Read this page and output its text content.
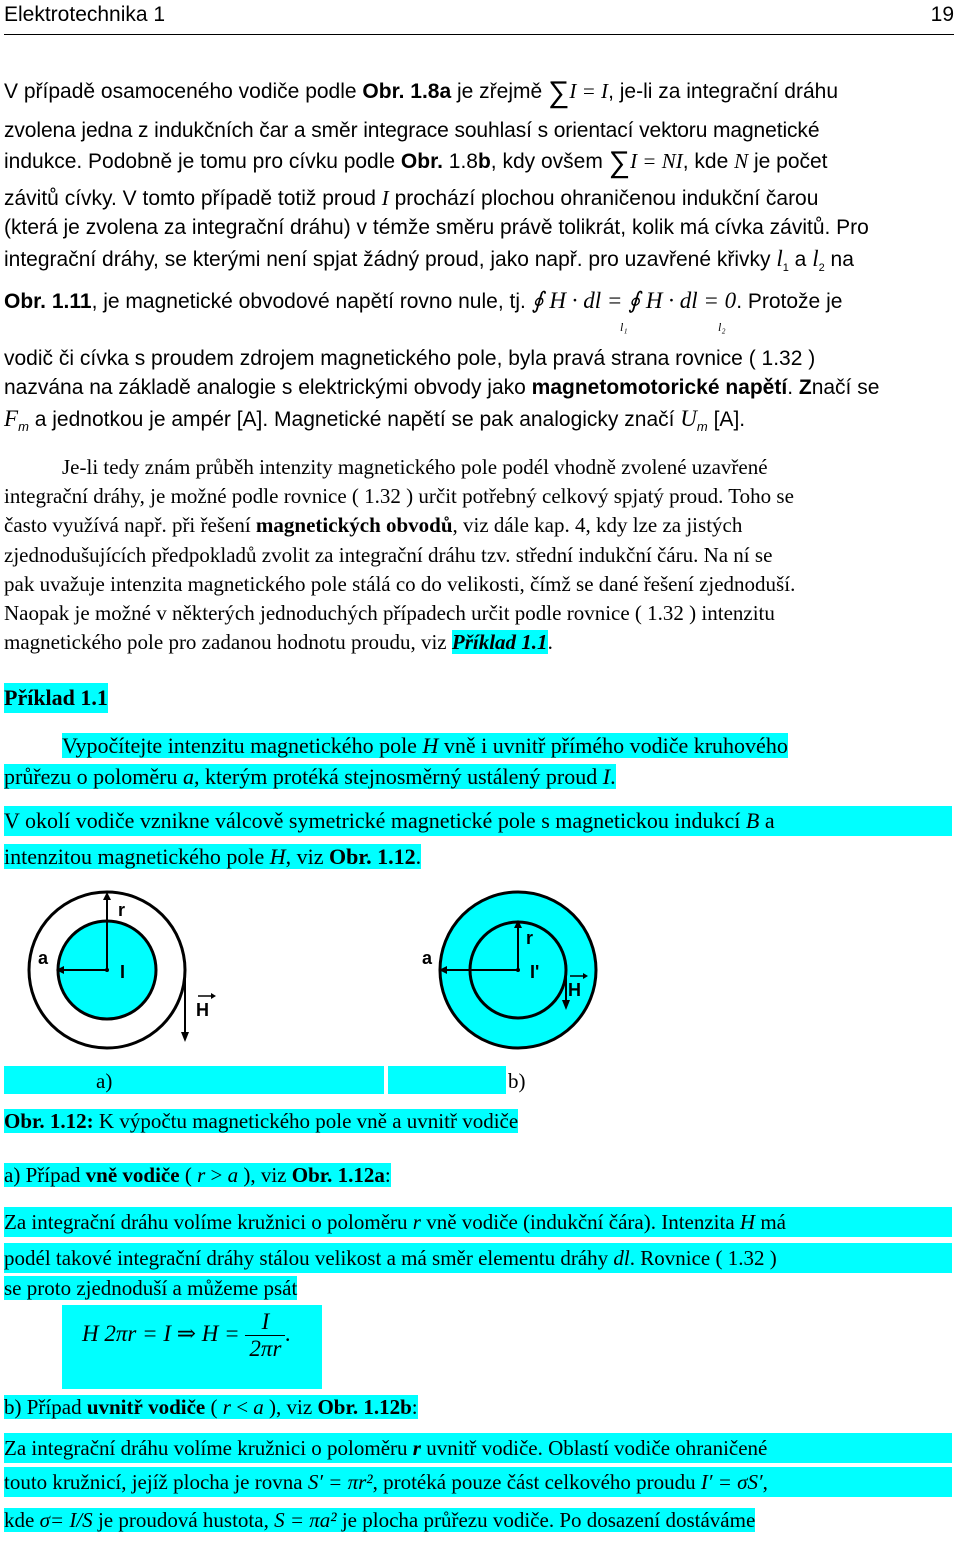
Elektrotechnika 1	19
V případě osamoceného vodiče podle Obr. 1.8a je zřejmě ∑I = I, je-li za integrační dráhu
zvolena jedna z indukčních čar a směr integrace souhlasí s orientací vektoru magnetické
indukce. Podobně je tomu pro cívku podle Obr. 1.8b, kdy ovšem ∑I = NI, kde N je počet
závitů cívky. V tomto případě totiž proud I prochází plochou ohraničenou indukční čarou
(která je zvolena za integrační dráhu) v témže směru právě tolikrát, kolik má cívka závitů. Pro
integrační dráhy, se kterými není spjat žádný proud, jako např. pro uzavřené křivky $l_1$ a $l_2$ na
Obr. 1.11, je magnetické obvodové napětí rovno nule, tj. ∮ H · dl = ∮ H · dl = 0. Protože je
l₁	l₂
vodič či cívka s proudem zdrojem magnetického pole, byla pravá strana rovnice ( 1.32 )
nazvána na základě analogie s elektrickými obvody jako magnetomotorické napětí. Značí se
$F_m$ a jednotkou je ampér [A]. Magnetické napětí se pak analogicky značí $U_m$ [A].
Je-li tedy znám průběh intenzity magnetického pole podél vhodně zvolené uzavřené
integrační dráhy, je možné podle rovnice ( 1.32 ) určit potřebný celkový spjatý proud. Toho se
často využívá např. při řešení magnetických obvodů, viz dále kap. 4, kdy lze za jistých
zjednodušujících předpokladů zvolit za integrační dráhu tzv. střední indukční čáru. Na ní se
pak uvažuje intenzita magnetického pole stálá co do velikosti, čímž se dané řešení zjednoduší.
Naopak je možné v některých jednoduchých případech určit podle rovnice ( 1.32 ) intenzitu
magnetického pole pro zadanou hodnotu proudu, viz Příklad 1.1.
Příklad 1.1
Vypočítejte intenzitu magnetického pole H vně i uvnitř přímého vodiče kruhového
průřezu o poloměru a, kterým protéká stejnosměrný ustálený proud I.
V okolí vodiče vznikne válcově symetrické magnetické pole s magnetickou indukcí B a
intenzitou magnetického pole H, viz Obr. 1.12.
r
a
I
H
r
a
I'
H
a)	b)
Obr. 1.12: K výpočtu magnetického pole vně a uvnitř vodiče
a) Případ vně vodiče ( r > a ), viz Obr. 1.12a:
Za integrační dráhu volíme kružnici o poloměru r vně vodiče (indukční čára). Intenzita H má
podél takové integrační dráhy stálou velikost a má směr elementu dráhy dl. Rovnice ( 1.32 )
se proto zjednoduší a můžeme psát
H 2πr = I ⇒ $H = \frac{I}{2\pi r}$ .
b) Případ uvnitř vodiče ( r < a ), viz Obr. 1.12b:
Za integrační dráhu volíme kružnici o poloměru r uvnitř vodiče. Oblastí vodiče ohraničené
touto kružnicí, jejíž plocha je rovna S′ = πr², protéká pouze část celkového proudu I′ = σS′,
kde σ= I/S je proudová hustota, S = πa² je plocha průřezu vodiče. Po dosazení dostáváme
